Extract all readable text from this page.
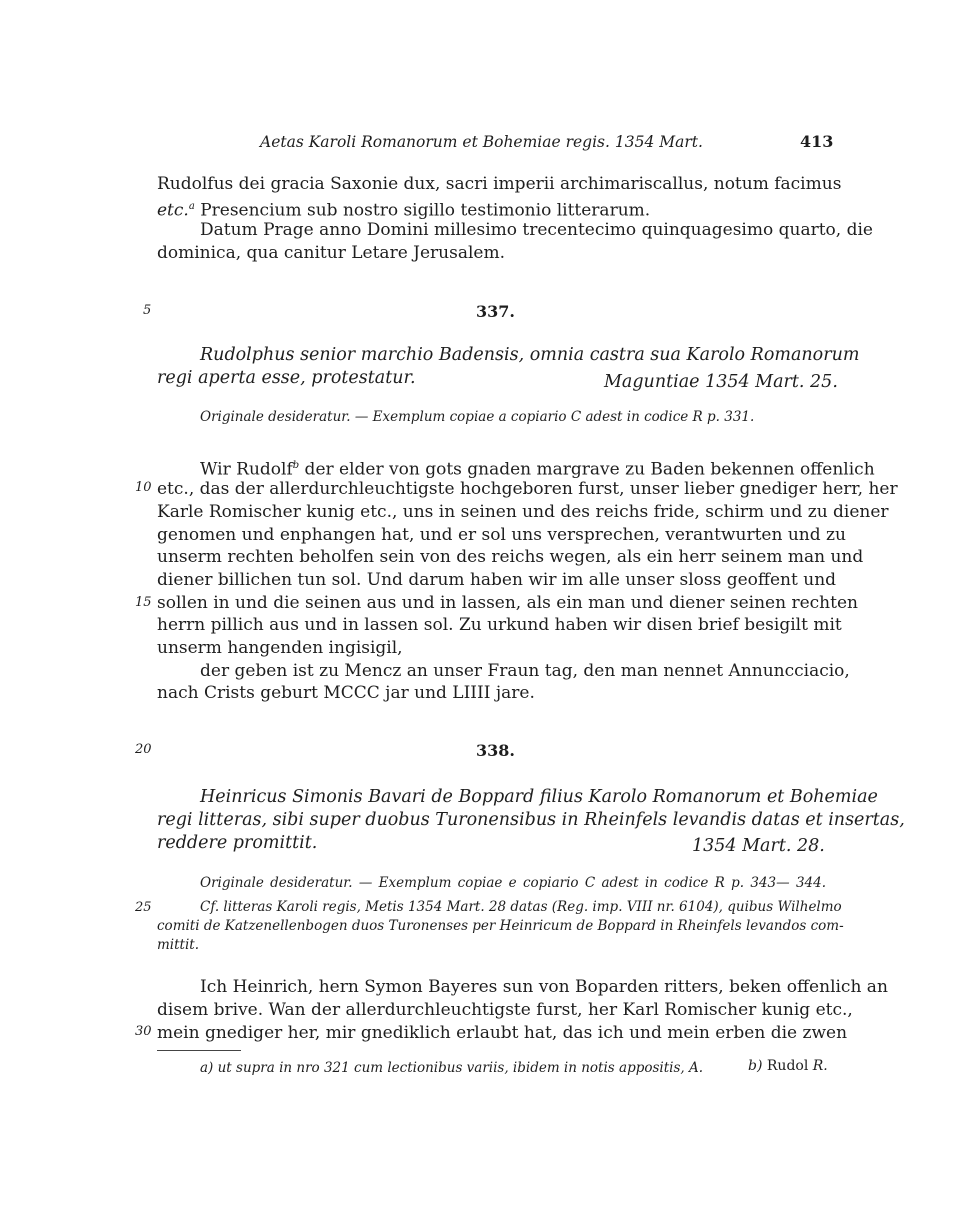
Aetas Karoli Romanorum et Bohemiae regis. 1354 Mart.	413
Rudolfus dei gracia Saxonie dux, sacri imperii archimariscallus, notum facimus
etc.$^a$ Presencium sub nostro sigillo testimonio litterarum.
Datum Prage anno Domini millesimo trecentecimo quinquagesimo quarto, die
dominica, qua canitur Letare Jerusalem.
5
10
15
20
25
30
337.
Rudolphus senior marchio Badensis, omnia castra sua Karolo Romanorum
regi aperta esse, protestatur.	Maguntiae 1354 Mart. 25.
Originale desideratur. — Exemplum copiae a copiario C adest in codice R p. 331.
Wir Rudolf$^b$ der elder von gots gnaden margrave zu Baden bekennen offenlich
etc., das der allerdurchleuchtigste hochgeboren furst, unser lieber gnediger herr, her
Karle Romischer kunig etc., uns in seinen und des reichs fride, schirm und zu diener
genomen und enphangen hat, und er sol uns versprechen, verantwurten und zu
unserm rechten beholfen sein von des reichs wegen, als ein herr seinem man und
diener billichen tun sol. Und darum haben wir im alle unser sloss geoffent und
sollen in und die seinen aus und in lassen, als ein man und diener seinen rechten
herrn pillich aus und in lassen sol. Zu urkund haben wir disen brief besigilt mit
unserm hangenden ingisigil,
der geben ist zu Mencz an unser Fraun tag, den man nennet Annuncciacio,
nach Crists geburt MCCC jar und LIIII jare.
338.
Heinricus Simonis Bavari de Boppard filius Karolo Romanorum et Bohemiae
regi litteras, sibi super duobus Turonensibus in Rheinfels levandis datas et insertas,
reddere promittit.	1354 Mart. 28.
Originale desideratur. — Exemplum copiae e copiario C adest in codice R p. 343— 344.
Cf. litteras Karoli regis, Metis 1354 Mart. 28 datas (Reg. imp. VIII nr. 6104), quibus Wilhelmo
comiti de Katzenellenbogen duos Turonenses per Heinricum de Boppard in Rheinfels levandos com-
mittit.
Ich Heinrich, hern Symon Bayeres sun von Boparden ritters, beken offenlich an
disem brive. Wan der allerdurchleuchtigste furst, her Karl Romischer kunig etc.,
mein gnediger her, mir gnediklich erlaubt hat, das ich und mein erben die zwen
a) ut supra in nro 321 cum lectionibus variis, ibidem in notis appositis, A.	b) Rudol R.
